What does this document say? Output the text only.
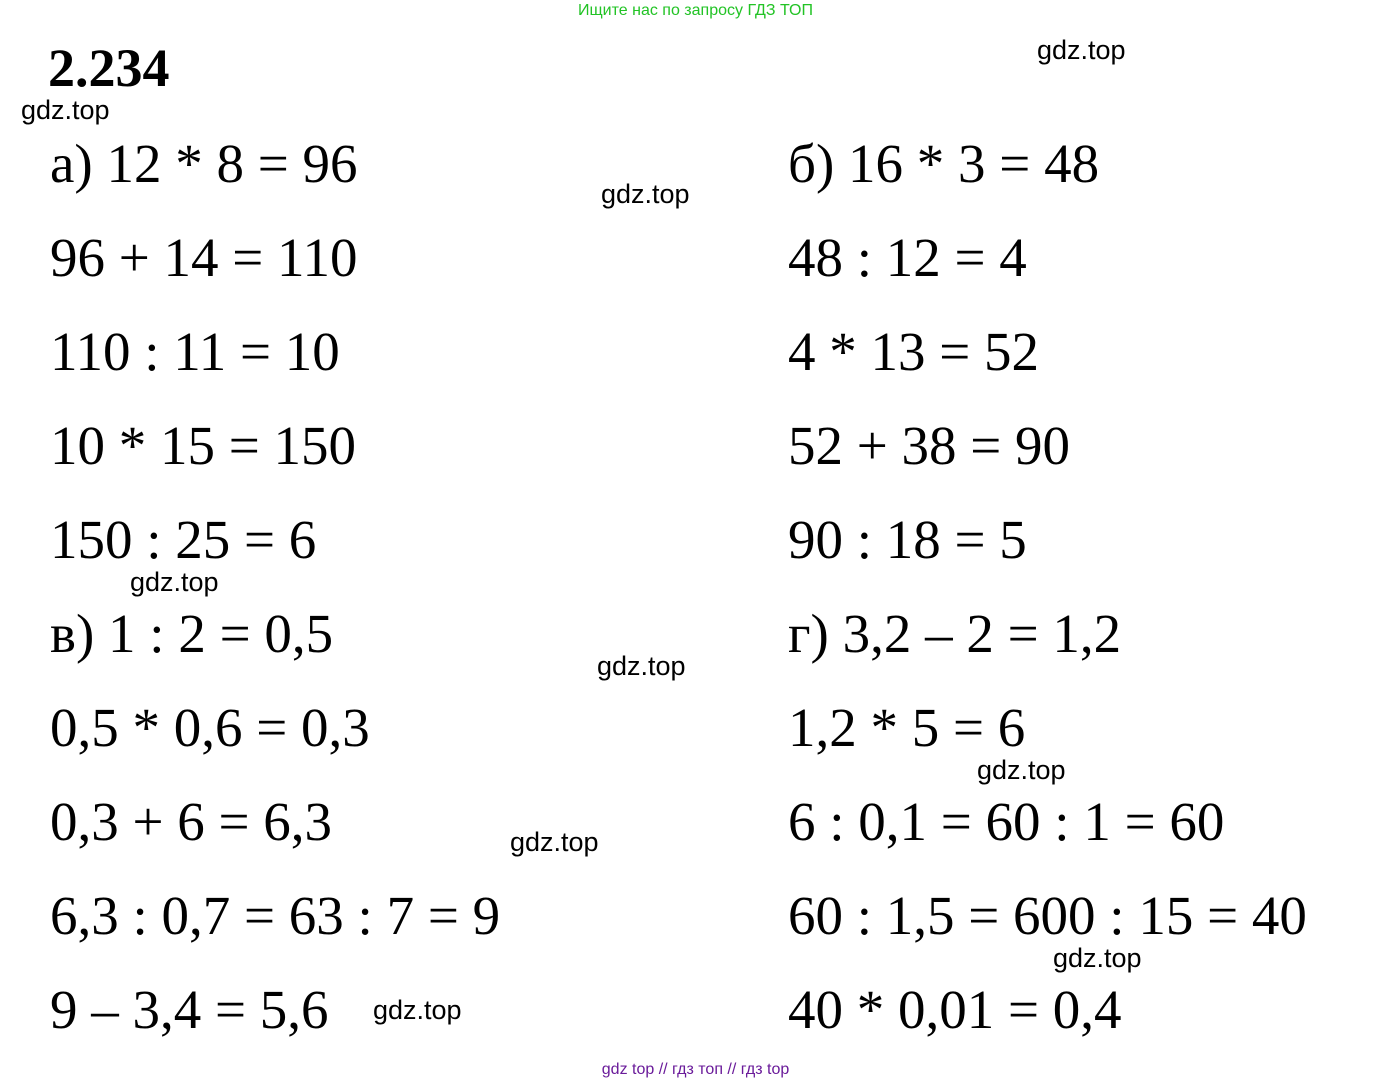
Ищите нас по запросу ГДЗ ТОП
2.234	gdz.top
gdz.top
gdz.top
gdz.top
gdz.top
gdz.top
gdz.top
gdz.top
gdz.top
а) 12 * 8 = 96
96 + 14 = 110
110 : 11 = 10
10 * 15 = 150
150 : 25 = 6
в) 1 : 2 = 0,5
0,5 * 0,6 = 0,3
0,3 + 6 = 6,3
6,3 : 0,7 = 63 : 7 = 9
9 – 3,4 = 5,6
б) 16 * 3 = 48
48 : 12 = 4
4 * 13 = 52
52 + 38 = 90
90 : 18 = 5
г) 3,2 – 2 = 1,2
1,2 * 5 = 6
6 : 0,1 = 60 : 1 = 60
60 : 1,5 = 600 : 15 = 40
40 * 0,01 = 0,4
gdz top // гдз топ // гдз top
